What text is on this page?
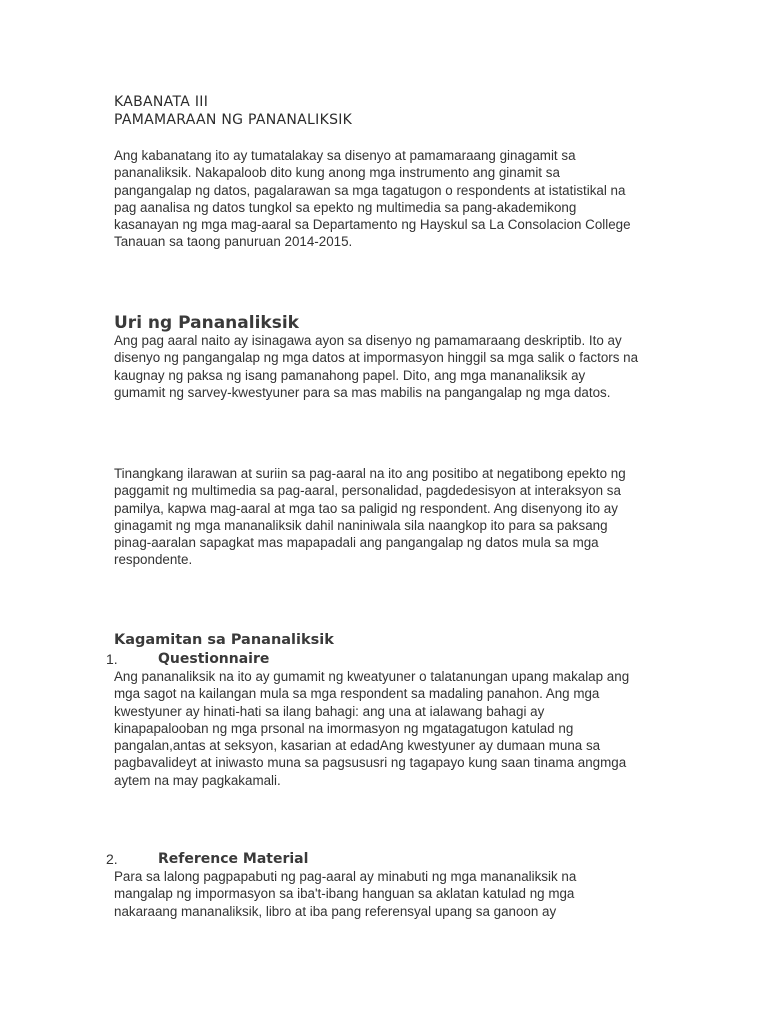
KABANATA III

PAMAMARAAN NG PANANALIKSIK

Ang kabanatang ito ay tumatalakay sa disenyo at pamamaraang ginagamit sa
pananaliksik. Nakapaloob dito kung anong mga instrumento ang ginamit sa
pangangalap ng datos, pagalarawan sa mga tagatugon o respondents at istatistikal na
pag aanalisa ng datos tungkol sa epekto ng multimedia sa pang-akademikong
kasanayan ng mga mag-aaral sa Departamento ng Hayskul sa La Consolacion College
Tanauan sa taong panuruan 2014-2015.
Uri ng Pananaliksik
Ang pag aaral naito ay isinagawa ayon sa disenyo ng pamamaraang deskriptib. Ito ay
disenyo ng pangangalap ng mga datos at impormasyon hinggil sa mga salik o factors na
kaugnay ng paksa ng isang pamanahong papel. Dito, ang mga mananaliksik ay
gumamit ng sarvey-kwestyuner para sa mas mabilis na pangangalap ng mga datos.
Tinangkang ilarawan at suriin sa pag-aaral na ito ang positibo at negatibong epekto ng
paggamit ng multimedia sa pag-aaral, personalidad, pagdedesisyon at interaksyon sa
pamilya, kapwa mag-aaral at mga tao sa paligid ng respondent. Ang disenyong ito ay
ginagamit ng mga mananaliksik dahil naniniwala sila naangkop ito para sa paksang
pinag-aaralan sapagkat mas mapapadali ang pangangalap ng datos mula sa mga
respondente.
Kagamitan sa Pananaliksik
1.	Questionnaire
Ang pananaliksik na ito ay gumamit ng kweatyuner o talatanungan upang makalap ang
mga sagot na kailangan mula sa mga respondent sa madaling panahon. Ang mga
kwestyuner ay hinati-hati sa ilang bahagi: ang una at ialawang bahagi ay
kinapapalooban ng mga prsonal na imormasyon ng mgatagatugon katulad ng
pangalan,antas at seksyon, kasarian at edadAng kwestyuner ay dumaan muna sa
pagbavalideyt at iniwasto muna sa pagsususri ng tagapayo kung saan tinama angmga
aytem na may pagkakamali.
2.	Reference Material
Para sa lalong pagpapabuti ng pag-aaral ay minabuti ng mga mananaliksik na
mangalap ng impormasyon sa iba't-ibang hanguan sa aklatan katulad ng mga
nakaraang mananaliksik, libro at iba pang referensyal upang sa ganoon ay
